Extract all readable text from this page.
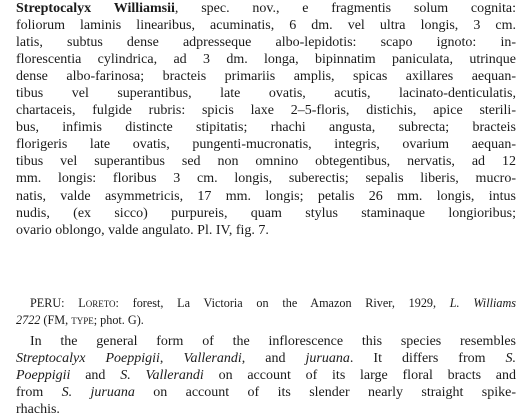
Streptocalyx Williamsii, spec. nov., e fragmentis solum cognita:
foliorum laminis linearibus, acuminatis, 6 dm. vel ultra longis, 3 cm.
latis, subtus dense adpresseque albo-lepidotis: scapo ignoto: in-
florescentia cylindrica, ad 3 dm. longa, bipinnatim paniculata, utrinque
dense albo-farinosa; bracteis primariis amplis, spicas axillares aequan-
tibus vel superantibus, late ovatis, acutis, lacinato-denticulatis,
chartaceis, fulgide rubris: spicis laxe 2–5-floris, distichis, apice sterili-
bus, infimis distincte stipitatis; rhachi angusta, subrecta; bracteis
florigeris late ovatis, pungenti-mucronatis, integris, ovarium aequan-
tibus vel superantibus sed non omnino obtegentibus, nervatis, ad 12
mm. longis: floribus 3 cm. longis, suberectis; sepalis liberis, mucro-
natis, valde asymmetricis, 17 mm. longis; petalis 26 mm. longis, intus
nudis, (ex sicco) purpureis, quam stylus staminaque longioribus;
ovario oblongo, valde angulato. Pl. IV, fig. 7.
PERU: Loreto: forest, La Victoria on the Amazon River, 1929, L. Williams
2722 (FM, type; phot. G).
In the general form of the inflorescence this species resembles
Streptocalyx Poeppigii, Vallerandi, and juruana. It differs from S.
Poeppigii and S. Vallerandi on account of its large floral bracts and
from S. juruana on account of its slender nearly straight spike-
rhachis.
